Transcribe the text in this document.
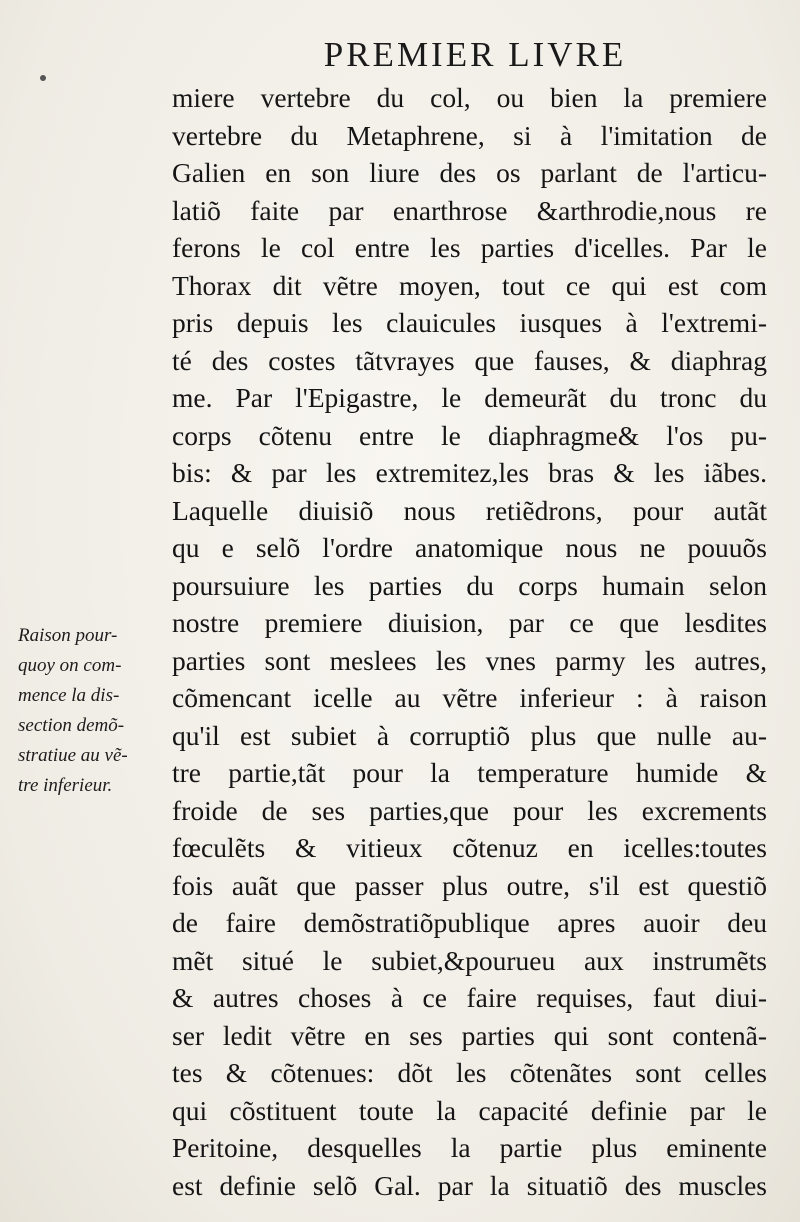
PREMIER LIVRE
Raison pour-
quoy on com-
mence la dis-
section demõ-
stratiue au vẽ-
tre inferieur.
miere vertebre du col, ou bien la premiere
vertebre du Metaphrene, si à l'imitation de
Galien en son liure des os parlant de l'articu-
latiõ faite par enarthrose &arthrodie,nous re
ferons le col entre les parties d'icelles. Par le
Thorax dit vẽtre moyen, tout ce qui est com
pris depuis les clauicules iusques à l'extremi-
té des costes tãtvrayes que fauses, & diaphrag
me. Par l'Epigastre, le demeurãt du tronc du
corps cõtenu entre le diaphragme& l'os pu-
bis: & par les extremitez,les bras & les iãbes.
Laquelle diuisiõ nous retiẽdrons, pour autãt
qu e selõ l'ordre anatomique nous ne pouuõs
poursuiure les parties du corps humain selon
nostre premiere diuision, par ce que lesdites
parties sont meslees les vnes parmy les autres,
cõmencant icelle au vẽtre inferieur : à raison
qu'il est subiet à corruptiõ plus que nulle au-
tre partie,tãt pour la temperature humide &
froide de ses parties,que pour les excrements
fœculẽts & vitieux cõtenuz en icelles:toutes
fois auãt que passer plus outre, s'il est questiõ
de faire demõstratiõpublique apres auoir deu
mẽt situé le subiet,&pourueu aux instrumẽts
& autres choses à ce faire requises, faut diui-
ser ledit vẽtre en ses parties qui sont contenã-
tes & cõtenues: dõt les cõtenãtes sont celles
qui cõstituent toute la capacité definie par le
Peritoine, desquelles la partie plus eminente
est definie selõ Gal. par la situatiõ des muscles
